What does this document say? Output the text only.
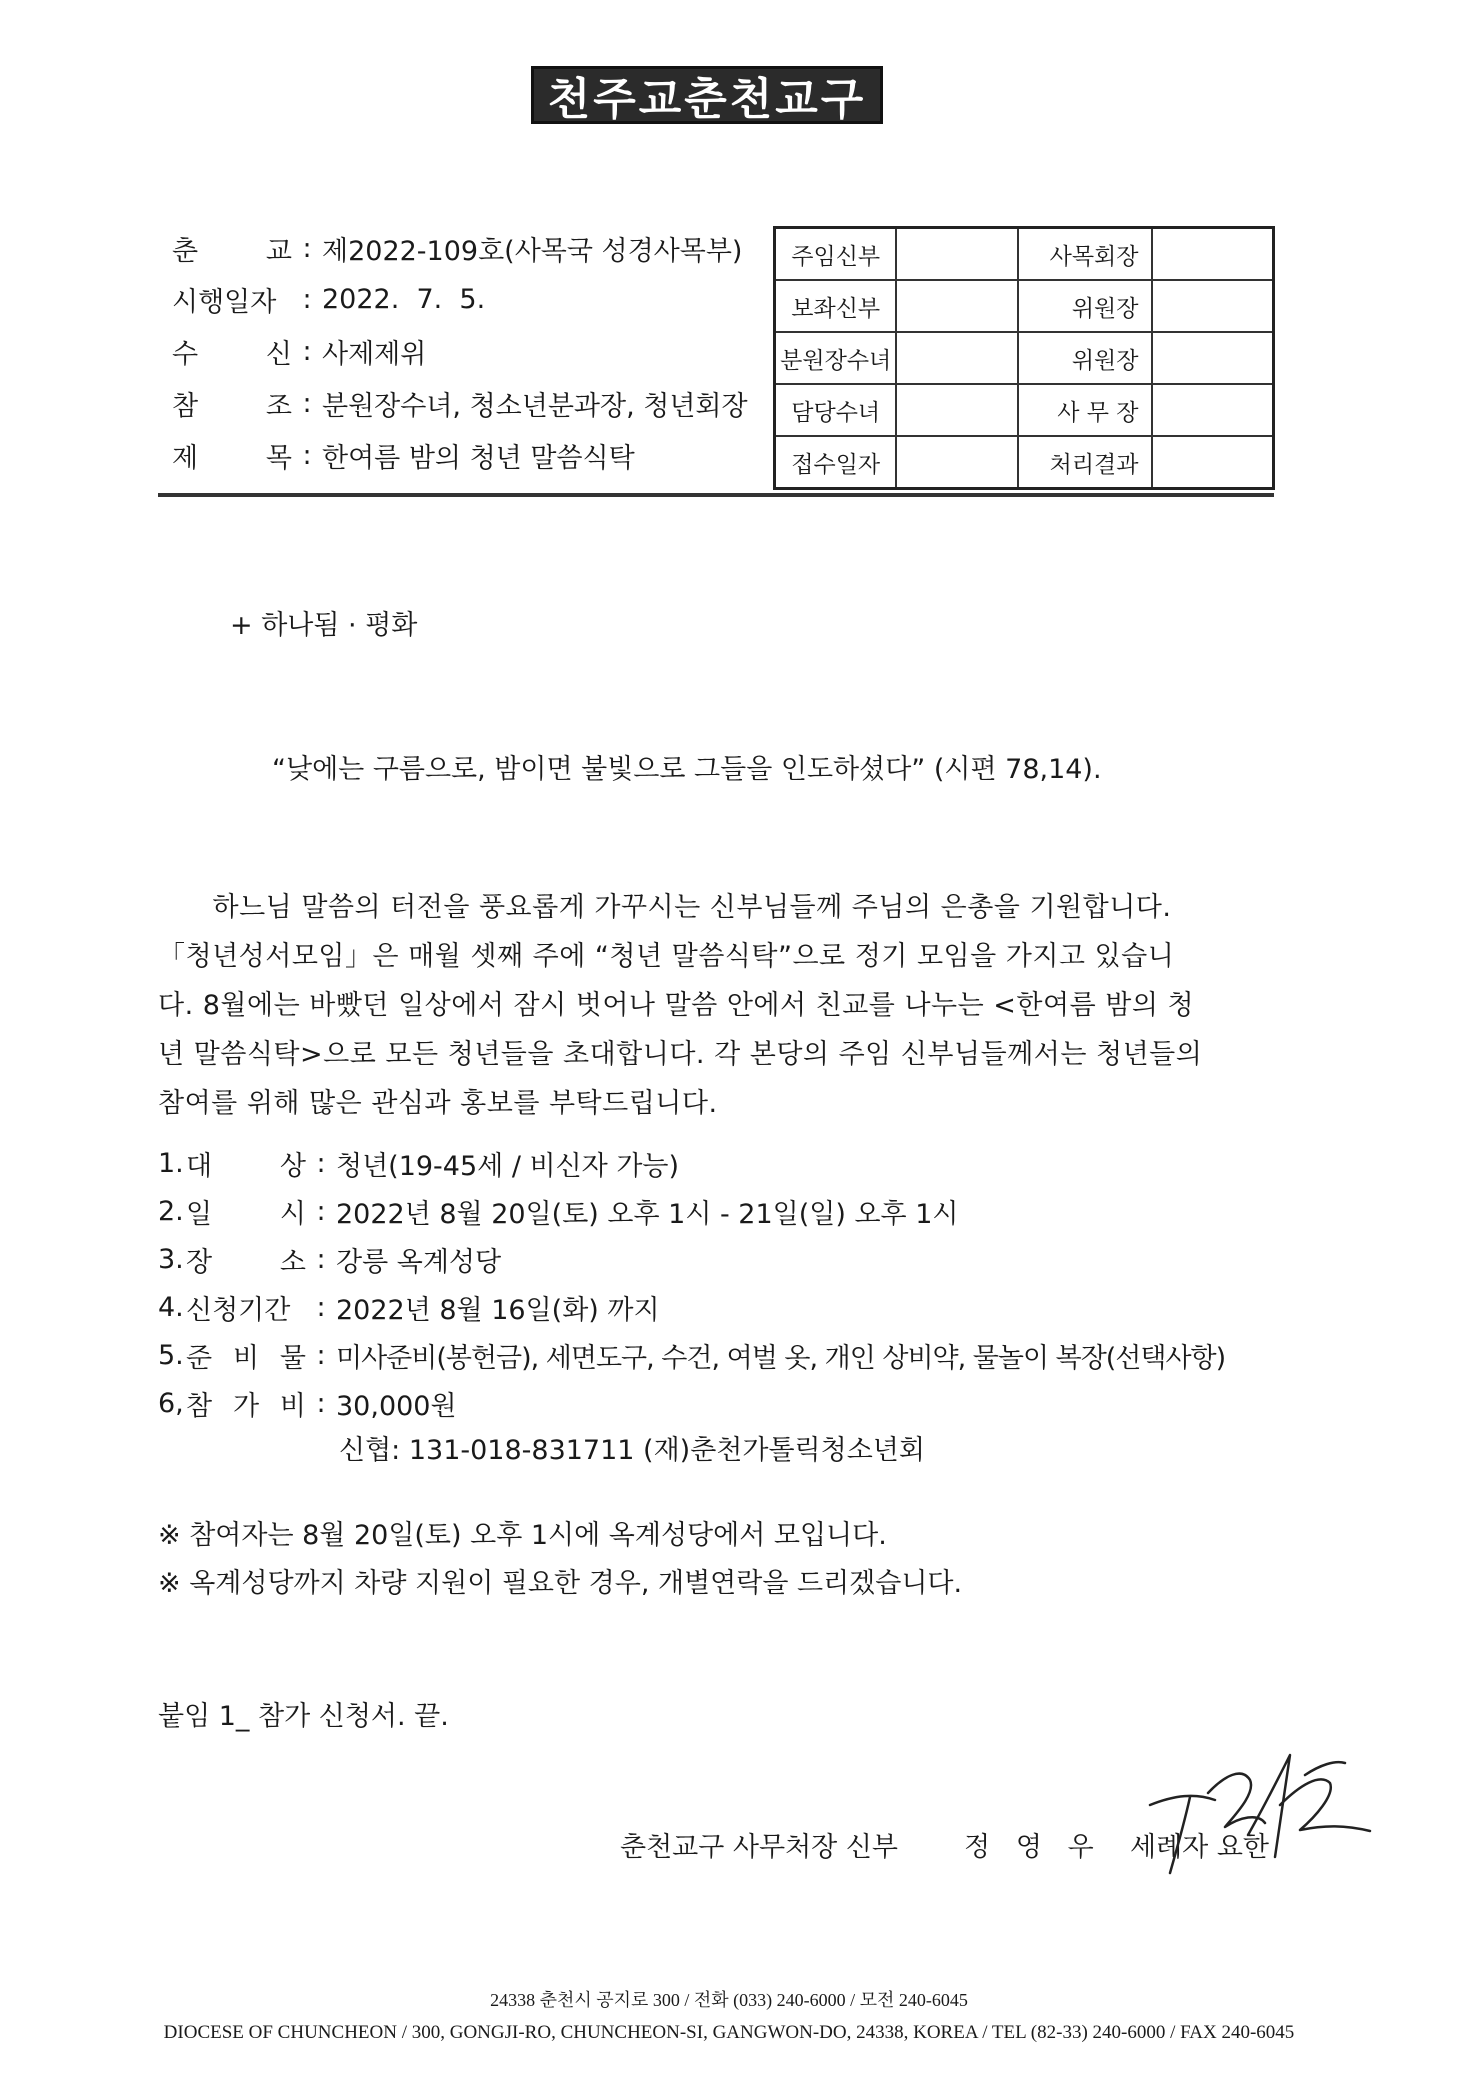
천주교춘천교구
춘	교 : 제2022-109호(사목국 성경사목부)
시행일자 : 2022.  7.  5.
수	신 : 사제제위
참	조 : 분원장수녀, 청소년분과장, 청년회장
제	목 : 한여름 밤의 청년 말씀식탁
주임신부		사목회장	
보좌신부		위원장	
분원장수녀		위원장	
담당수녀		사 무 장	
접수일자		처리결과	
+ 하나됨 · 평화
“낮에는 구름으로, 밤이면 불빛으로 그들을 인도하셨다” (시편 78,14).
하느님 말씀의 터전을 풍요롭게 가꾸시는 신부님들께 주님의 은총을 기원합니다.
「청년성서모임」은 매월 셋째 주에 “청년 말씀식탁”으로 정기 모임을 가지고 있습니
다. 8월에는 바빴던 일상에서 잠시 벗어나 말씀 안에서 친교를 나누는 <한여름 밤의 청
년 말씀식탁>으로 모든 청년들을 초대합니다. 각 본당의 주임 신부님들께서는 청년들의
참여를 위해 많은 관심과 홍보를 부탁드립니다.
1. 대	상 : 청년(19-45세 / 비신자 가능)
2. 일	시 : 2022년 8월 20일(토) 오후 1시 - 21일(일) 오후 1시
3. 장	소 : 강릉 옥계성당
4. 신청기간 : 2022년 8월 16일(화) 까지
5. 준 비 물 : 미사준비(봉헌금), 세면도구, 수건, 여벌 옷, 개인 상비약, 물놀이 복장(선택사항)
6, 참 가 비 : 30,000원
신협: 131-018-831711 (재)춘천가톨릭청소년회
※ 참여자는 8월 20일(토) 오후 1시에 옥계성당에서 모입니다.
※ 옥계성당까지 차량 지원이 필요한 경우, 개별연락을 드리겠습니다.
붙임 1_ 참가 신청서. 끝.
춘천교구 사무처장 신부 정   영   우 세례자 요한
24338 춘천시 공지로 300 / 전화 (033) 240-6000 / 모전 240-6045
DIOCESE OF CHUNCHEON / 300, GONGJI-RO, CHUNCHEON-SI, GANGWON-DO, 24338, KOREA / TEL (82-33) 240-6000 / FAX 240-6045
